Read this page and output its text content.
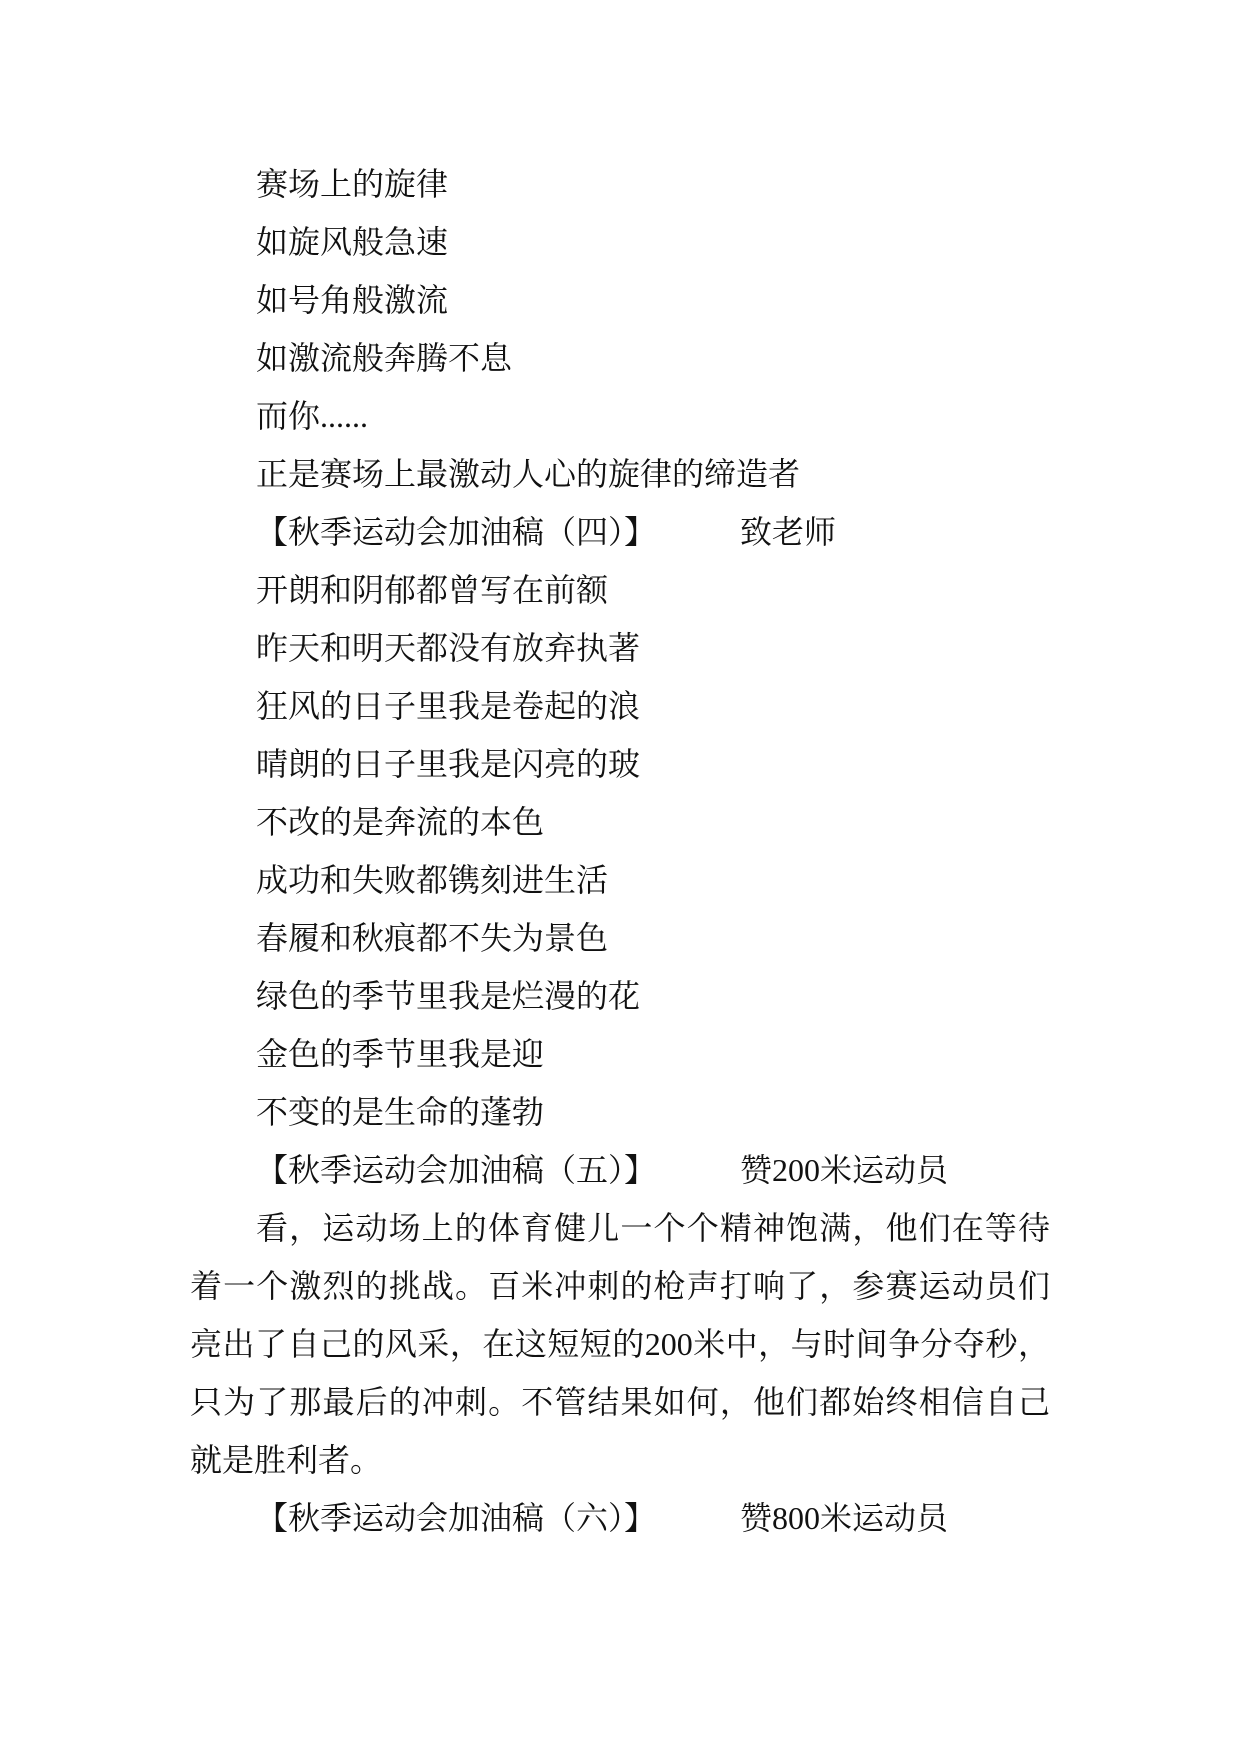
赛场上的旋律
如旋风般急速
如号角般激流
如激流般奔腾不息
而你......
正是赛场上最激动人心的旋律的缔造者
【秋季运动会加油稿（四）】	致老师
开朗和阴郁都曾写在前额
昨天和明天都没有放弃执著
狂风的日子里我是卷起的浪
晴朗的日子里我是闪亮的玻
不改的是奔流的本色
成功和失败都镌刻进生活
春履和秋痕都不失为景色
绿色的季节里我是烂漫的花
金色的季节里我是迎
不变的是生命的蓬勃
【秋季运动会加油稿（五）】	赞200米运动员
看，运动场上的体育健儿一个个精神饱满，他们在等待
着一个激烈的挑战。百米冲刺的枪声打响了，参赛运动员们
亮出了自己的风采，在这短短的200米中，与时间争分夺秒，
只为了那最后的冲刺。不管结果如何，他们都始终相信自己
就是胜利者。
【秋季运动会加油稿（六）】	赞800米运动员
